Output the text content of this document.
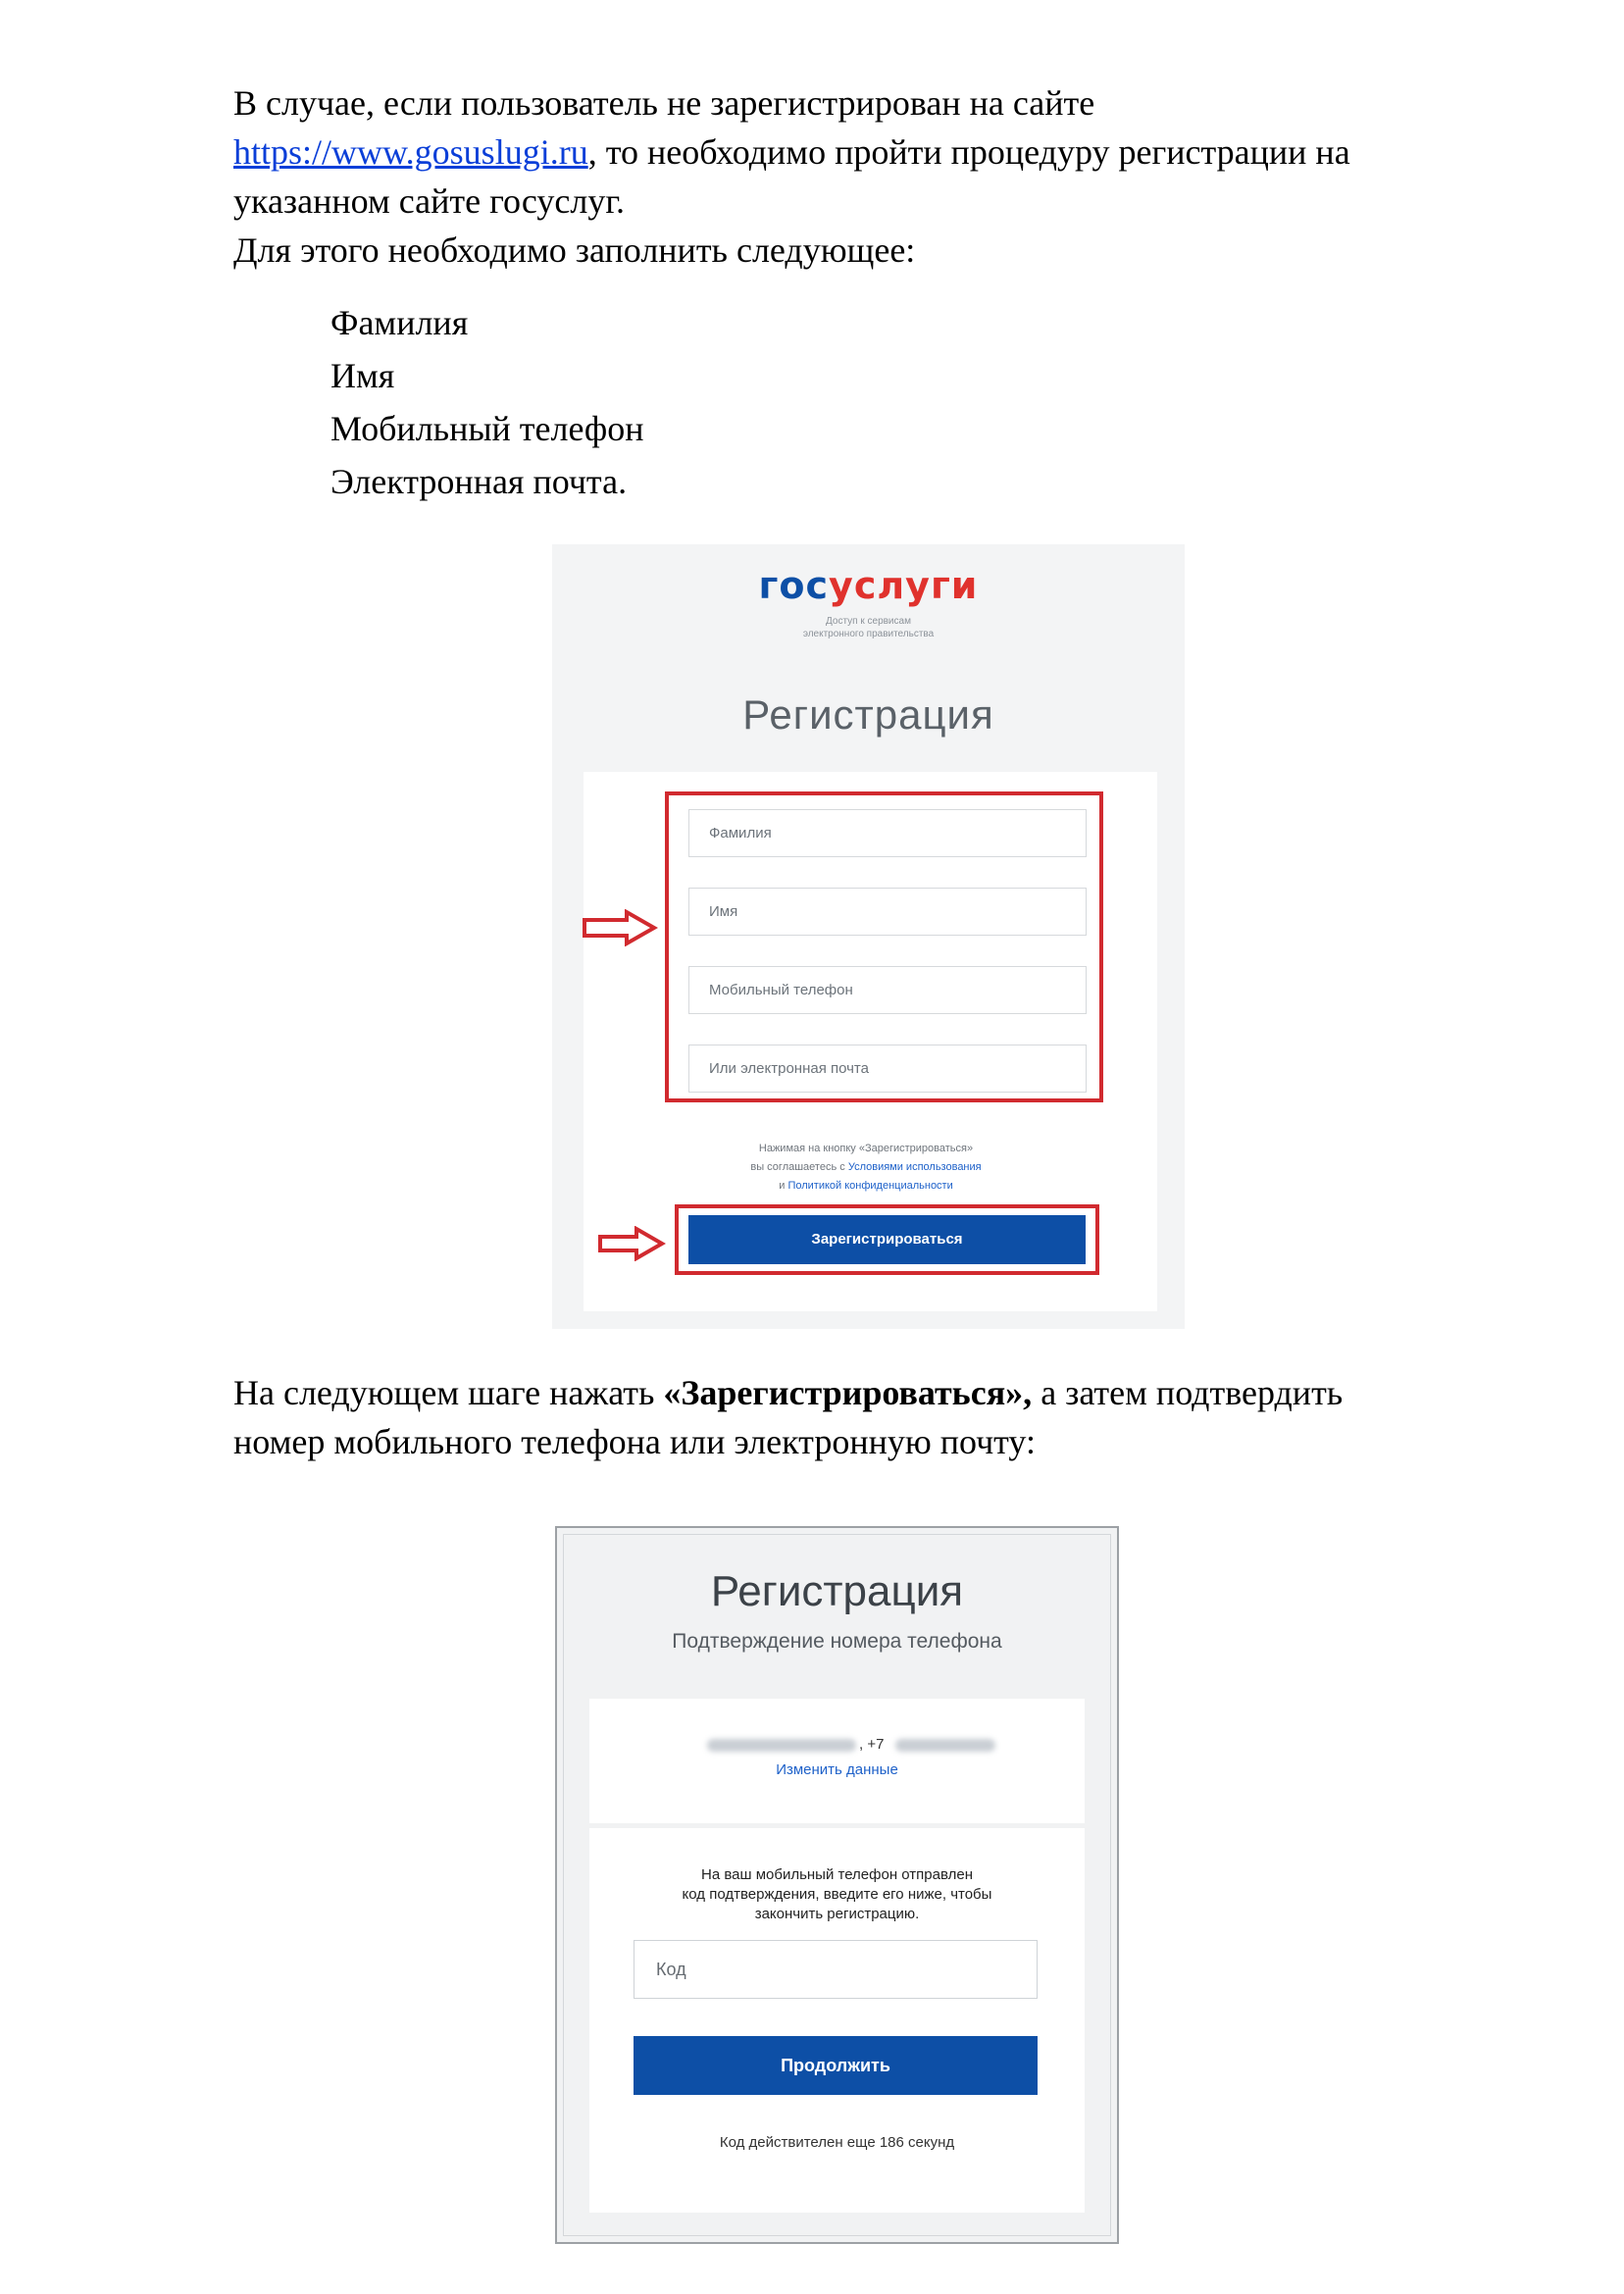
В случае, если пользователь не зарегистрирован на сайте
https://www.gosuslugi.ru, то необходимо пройти процедуру регистрации на
указанном сайте госуслуг.
Для этого необходимо заполнить следующее:
Фамилия
Имя
Мобильный телефон
Электронная почта.
госуслуги
Доступ к сервисам
электронного правительства
Регистрация
Фамилия
Имя
Мобильный телефон
Или электронная почта
Нажимая на кнопку «Зарегистрироваться»
вы соглашаетесь с Условиями использования
и Политикой конфиденциальности
Зарегистрироваться
На следующем шаге нажать «Зарегистрироваться», а затем подтвердить
номер мобильного телефона или электронную почту:
Регистрация
Подтверждение номера телефона
, +7
Изменить данные
На ваш мобильный телефон отправлен
код подтверждения, введите его ниже, чтобы
закончить регистрацию.
Код
Продолжить
Код действителен еще 186 секунд
